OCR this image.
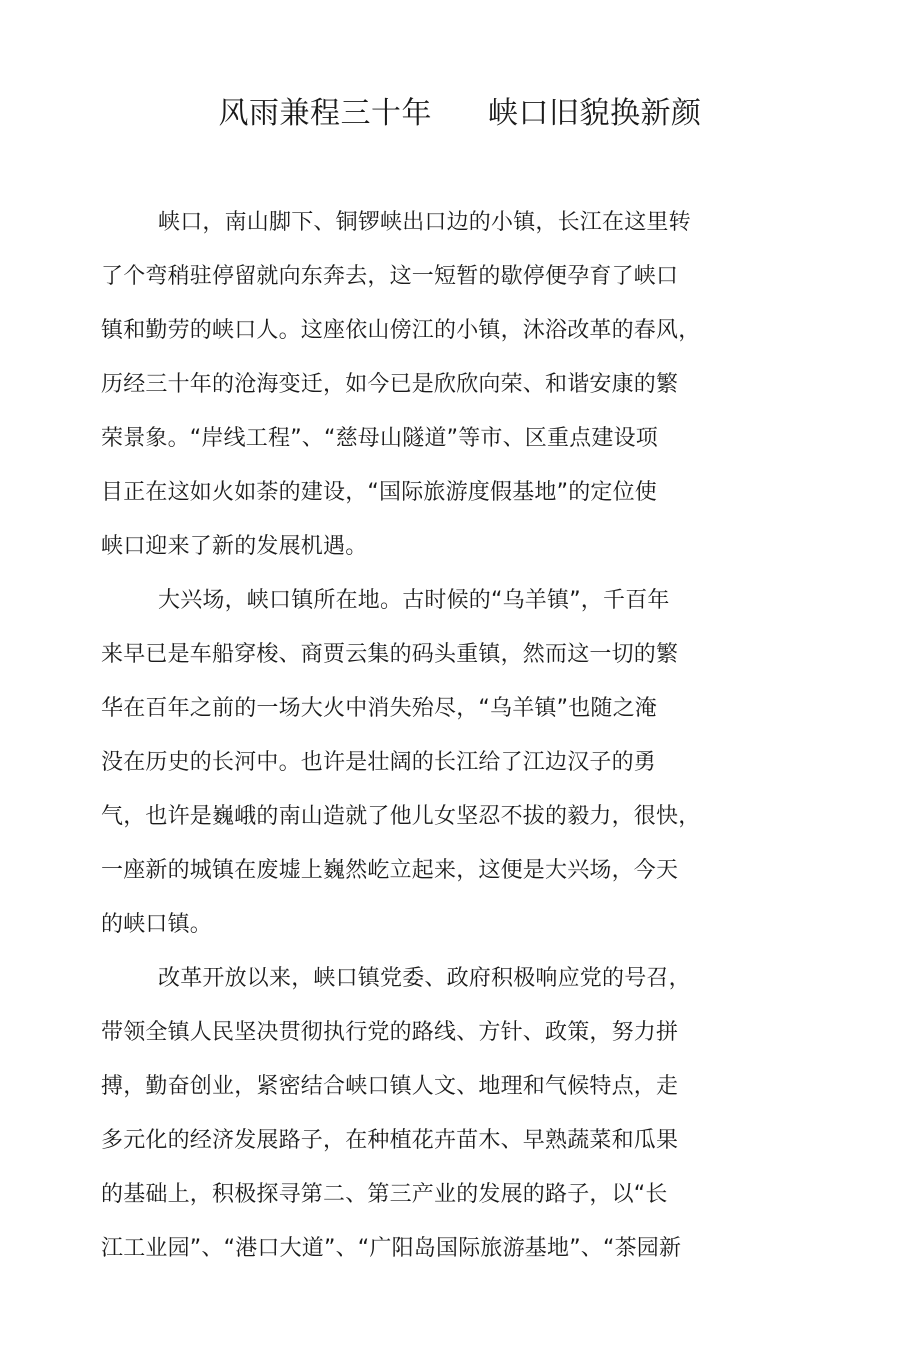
风雨兼程三十年 峡口旧貌换新颜
峡口，南山脚下、铜锣峡出口边的小镇，长江在这里转
了个弯稍驻停留就向东奔去，这一短暂的歇停便孕育了峡口
镇和勤劳的峡口人。这座依山傍江的小镇，沐浴改革的春风，
历经三十年的沧海变迁，如今已是欣欣向荣、和谐安康的繁
荣景象。“岸线工程”、“慈母山隧道”等市、区重点建设项
目正在这如火如荼的建设，“国际旅游度假基地”的定位使
峡口迎来了新的发展机遇。
大兴场，峡口镇所在地。古时候的“乌羊镇”，千百年
来早已是车船穿梭、商贾云集的码头重镇，然而这一切的繁
华在百年之前的一场大火中消失殆尽，“乌羊镇”也随之淹
没在历史的长河中。也许是壮阔的长江给了江边汉子的勇
气，也许是巍峨的南山造就了他儿女坚忍不拔的毅力，很快，
一座新的城镇在废墟上巍然屹立起来，这便是大兴场，今天
的峡口镇。
改革开放以来，峡口镇党委、政府积极响应党的号召，
带领全镇人民坚决贯彻执行党的路线、方针、政策，努力拼
搏，勤奋创业，紧密结合峡口镇人文、地理和气候特点，走
多元化的经济发展路子，在种植花卉苗木、早熟蔬菜和瓜果
的基础上，积极探寻第二、第三产业的发展的路子，以“长
江工业园”、“港口大道”、“广阳岛国际旅游基地”、“茶园新
